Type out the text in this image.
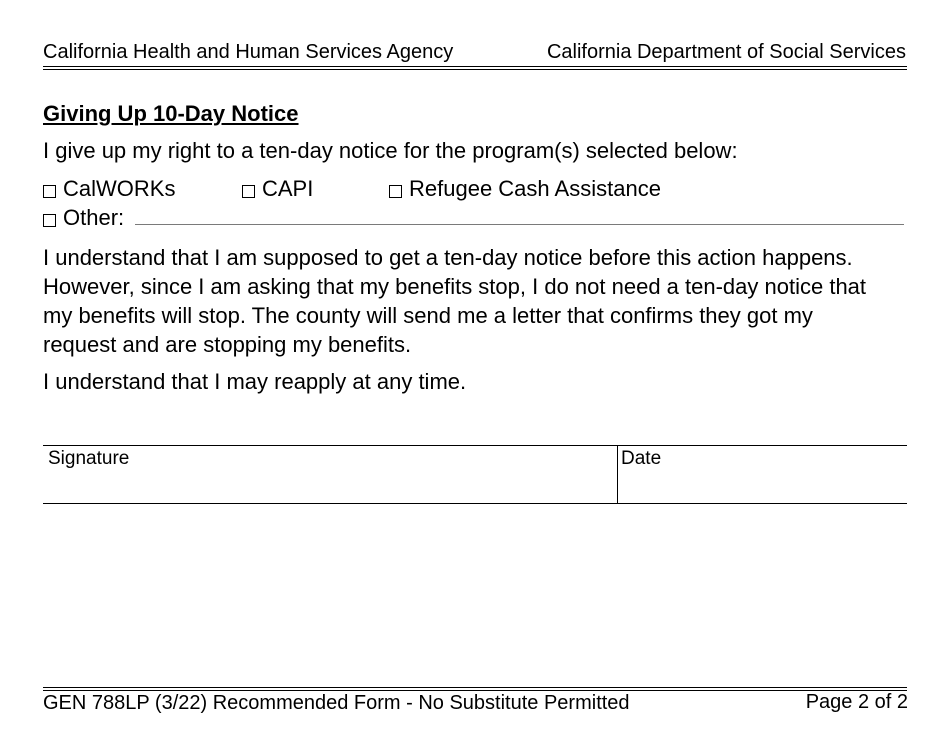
California Health and Human Services Agency	California Department of Social Services
Giving Up 10-Day Notice
I give up my right to a ten-day notice for the program(s) selected below:
CalWORKs	CAPI	Refugee Cash Assistance
Other:
I understand that I am supposed to get a ten-day notice before this action happens. However, since I am asking that my benefits stop, I do not need a ten-day notice that my benefits will stop. The county will send me a letter that confirms they got my request and are stopping my benefits.
I understand that I may reapply at any time.
Signature	Date
GEN 788LP (3/22) Recommended Form - No Substitute Permitted	Page 2 of 2
